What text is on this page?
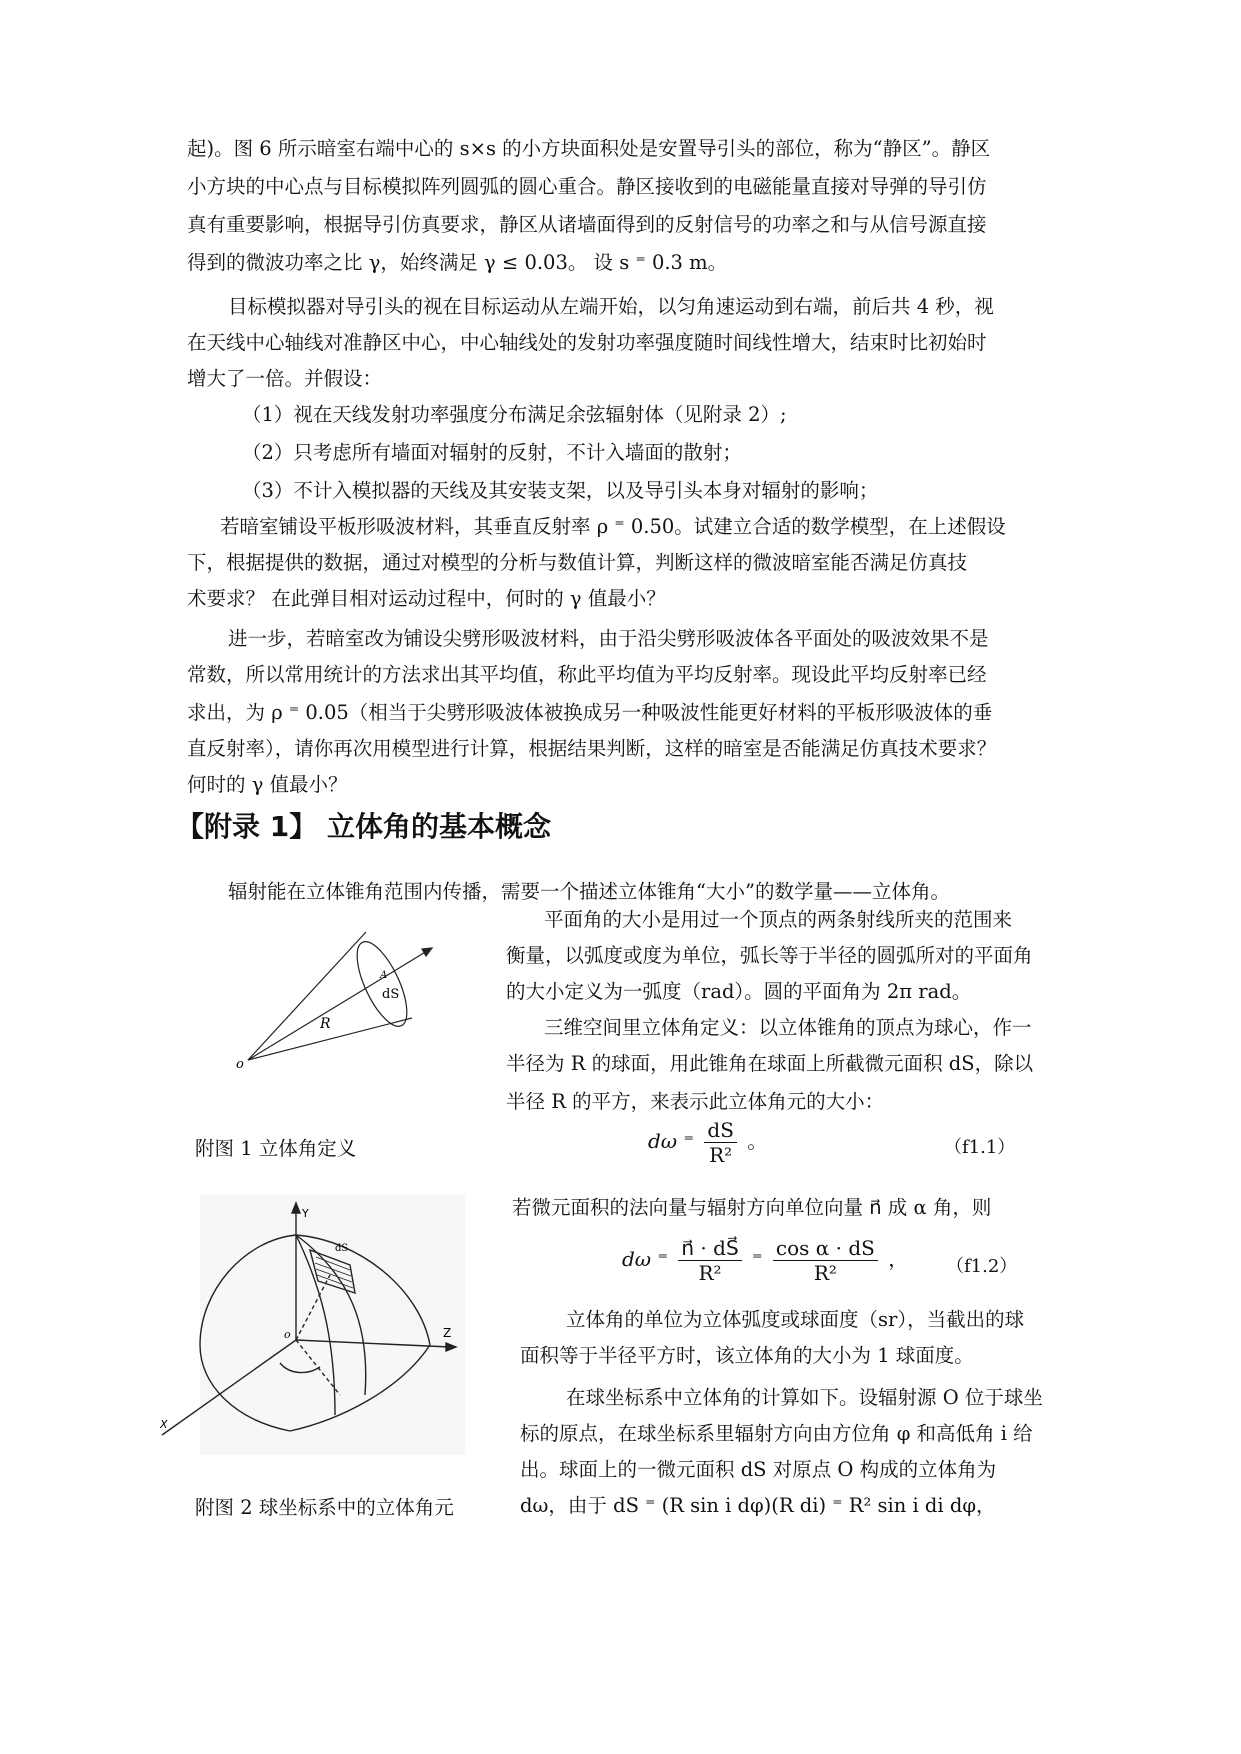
起)。图 6 所示暗室右端中心的 s×s 的小方块面积处是安置导引头的部位，称为“静区”。静区
小方块的中心点与目标模拟阵列圆弧的圆心重合。静区接收到的电磁能量直接对导弹的导引仿
真有重要影响，根据导引仿真要求，静区从诸墙面得到的反射信号的功率之和与从信号源直接
得到的微波功率之比 γ，始终满足 γ ≤ 0.03。 设 s ⁼ 0.3 m。
目标模拟器对导引头的视在目标运动从左端开始，以匀角速运动到右端，前后共 4 秒，视
在天线中心轴线对准静区中心，中心轴线处的发射功率强度随时间线性增大，结束时比初始时
增大了一倍。并假设：
（1）视在天线发射功率强度分布满足余弦辐射体（见附录 2）;
（2）只考虑所有墙面对辐射的反射，不计入墙面的散射；
（3）不计入模拟器的天线及其安装支架，以及导引头本身对辐射的影响；
若暗室铺设平板形吸波材料，其垂直反射率 ρ ⁼ 0.50。试建立合适的数学模型，在上述假设
下，根据提供的数据，通过对模型的分析与数值计算，判断这样的微波暗室能否满足仿真技
术要求？ 在此弹目相对运动过程中，何时的 γ 值最小？
进一步，若暗室改为铺设尖劈形吸波材料，由于沿尖劈形吸波体各平面处的吸波效果不是
常数，所以常用统计的方法求出其平均值，称此平均值为平均反射率。现设此平均反射率已经
求出，为 ρ ⁼ 0.05（相当于尖劈形吸波体被换成另一种吸波性能更好材料的平板形吸波体的垂
直反射率），请你再次用模型进行计算，根据结果判断，这样的暗室是否能满足仿真技术要求？
何时的 γ 值最小？
【附录 1】 立体角的基本概念
辐射能在立体锥角范围内传播，需要一个描述立体锥角“大小”的数学量——立体角。
o
R
dS
A
附图 1 立体角定义
平面角的大小是用过一个顶点的两条射线所夹的范围来
衡量，以弧度或度为单位，弧长等于半径的圆弧所对的平面角
的大小定义为一弧度（rad）。圆的平面角为 2π rad。
三维空间里立体角定义：以立体锥角的顶点为球心，作一
半径为 R 的球面，用此锥角在球面上所截微元面积 dS，除以
半径 R 的平方，来表示此立体角元的大小：
dω ⁼ $\frac{dS}{\text{R²}}$ 。	（f1.1）
Y
Z
X
o
dS
附图 2 球坐标系中的立体角元
若微元面积的法向量与辐射方向单位向量 n⃗ 成 α 角，则
dω ⁼ $\frac{n⃗ \cdot dS⃗}{\text{R²}}$ ⁼ $\frac{\text{cos α · dS}}{\text{R²}}$ ， （f1.2）
立体角的单位为立体弧度或球面度（sr），当截出的球
面积等于半径平方时，该立体角的大小为 1 球面度。
在球坐标系中立体角的计算如下。设辐射源 O 位于球坐
标的原点，在球坐标系里辐射方向由方位角 φ 和高低角 i 给
出。球面上的一微元面积 dS 对原点 O 构成的立体角为
dω，由于 dS ⁼ (R sin i dφ)(R di) ⁼ R² sin i di dφ，
